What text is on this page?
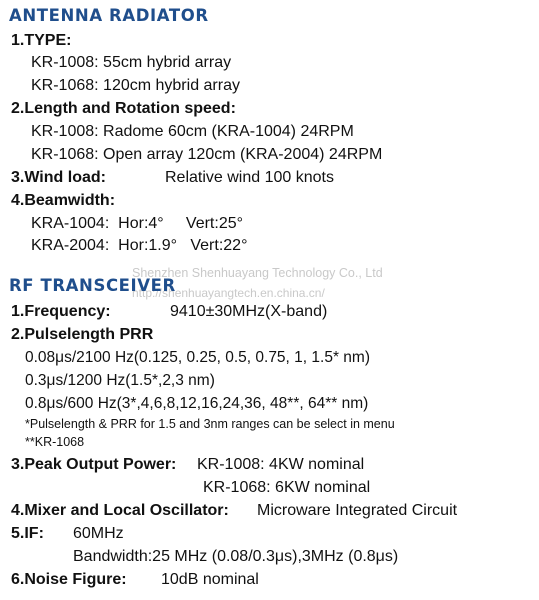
Shenzhen Shenhuayang Technology Co., Ltd
http://shenhuayangtech.en.china.cn/
ANTENNA RADIATOR
1.TYPE:
KR-1008: 55cm hybrid array
KR-1068: 120cm hybrid array
2.Length and Rotation speed:
KR-1008: Radome 60cm (KRA-1004) 24RPM
KR-1068: Open array 120cm (KRA-2004) 24RPM
3.Wind load:	Relative wind 100 knots
4.Beamwidth:
KRA-1004:  Hor:4°     Vert:25°
KRA-2004:  Hor:1.9°   Vert:22°
RF TRANSCEIVER
1.Frequency:	9410±30MHz(X-band)
2.Pulselength PRR
0.08μs/2100 Hz(0.125, 0.25, 0.5, 0.75, 1, 1.5* nm)
0.3μs/1200 Hz(1.5*,2,3 nm)
0.8μs/600 Hz(3*,4,6,8,12,16,24,36, 48**, 64** nm)
*Pulselength & PRR for 1.5 and 3nm ranges can be select in menu
**KR-1068
3.Peak Output Power: KR-1008: 4KW nominal
KR-1068: 6KW nominal
4.Mixer and Local Oscillator: Microware Integrated Circuit
5.IF: 60MHz
Bandwidth:25 MHz (0.08/0.3μs),3MHz (0.8μs)
6.Noise Figure: 10dB nominal
